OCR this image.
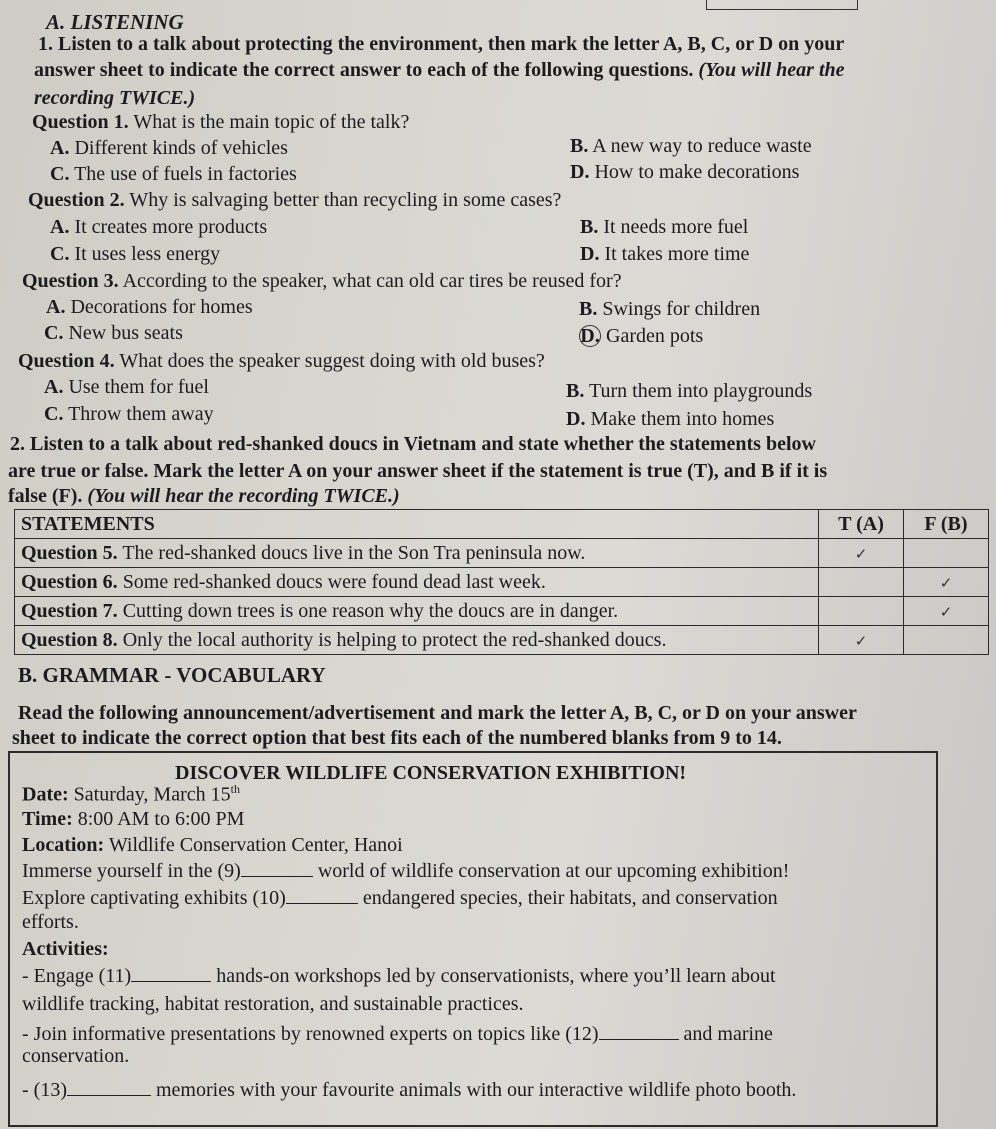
A. LISTENING
1. Listen to a talk about protecting the environment, then mark the letter A, B, C, or D on your
answer sheet to indicate the correct answer to each of the following questions. (You will hear the
recording TWICE.)
Question 1. What is the main topic of the talk?
A. Different kinds of vehicles	B. A new way to reduce waste
C. The use of fuels in factories	D. How to make decorations
Question 2. Why is salvaging better than recycling in some cases?
A. It creates more products	B. It needs more fuel
C. It uses less energy	D. It takes more time
Question 3. According to the speaker, what can old car tires be reused for?
A. Decorations for homes	B. Swings for children
C. New bus seats	D. Garden pots
Question 4. What does the speaker suggest doing with old buses?
A. Use them for fuel	B. Turn them into playgrounds
C. Throw them away	D. Make them into homes
2. Listen to a talk about red-shanked doucs in Vietnam and state whether the statements below
are true or false. Mark the letter A on your answer sheet if the statement is true (T), and B if it is
false (F). (You will hear the recording TWICE.)
STATEMENTS	T (A)	F (B)
Question 5. The red-shanked doucs live in the Son Tra peninsula now.	✓	
Question 6. Some red-shanked doucs were found dead last week.		✓
Question 7. Cutting down trees is one reason why the doucs are in danger.		✓
Question 8. Only the local authority is helping to protect the red-shanked doucs.	✓	
B. GRAMMAR - VOCABULARY
Read the following announcement/advertisement and mark the letter A, B, C, or D on your answer
sheet to indicate the correct option that best fits each of the numbered blanks from 9 to 14.
DISCOVER WILDLIFE CONSERVATION EXHIBITION!
Date: Saturday, March 15th
Time: 8:00 AM to 6:00 PM
Location: Wildlife Conservation Center, Hanoi
Immerse yourself in the (9)	world of wildlife conservation at our upcoming exhibition!
Explore captivating exhibits (10)	endangered species, their habitats, and conservation
efforts.
Activities:
- Engage (11)	hands-on workshops led by conservationists, where you’ll learn about
wildlife tracking, habitat restoration, and sustainable practices.
- Join informative presentations by renowned experts on topics like (12)	and marine
conservation.
- (13)	memories with your favourite animals with our interactive wildlife photo booth.
